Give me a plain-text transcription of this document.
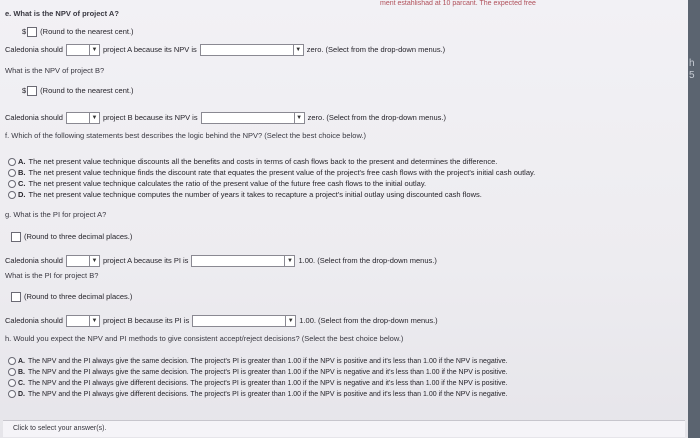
h
5
ment estahlishad at 10 parcant. The expected free
e. What is the NPV of project A?
$ (Round to the nearest cent.)
Caledonia should	▼ project A because its NPV is	▼ zero. (Select from the drop-down menus.)
What is the NPV of project B?
$ (Round to the nearest cent.)
Caledonia should	▼ project B because its NPV is	▼ zero. (Select from the drop-down menus.)
f. Which of the following statements best describes the logic behind the NPV? (Select the best choice below.)
A. The net present value technique discounts all the benefits and costs in terms of cash flows back to the present and determines the difference.
B. The net present value technique finds the discount rate that equates the present value of the project's free cash flows with the project's initial cash outlay.
C. The net present value technique calculates the ratio of the present value of the future free cash flows to the initial outlay.
D. The net present value technique computes the number of years it takes to recapture a project's initial outlay using discounted cash flows.
g. What is the PI for project A?
(Round to three decimal places.)
Caledonia should	▼ project A because its PI is	▼ 1.00. (Select from the drop-down menus.)
What is the PI for project B?
(Round to three decimal places.)
Caledonia should	▼ project B because its PI is	▼ 1.00. (Select from the drop-down menus.)
h. Would you expect the NPV and PI methods to give consistent accept/reject decisions? (Select the best choice below.)
A. The NPV and the PI always give the same decision. The project's PI is greater than 1.00 if the NPV is positive and it's less than 1.00 if the NPV is negative.
B. The NPV and the PI always give the same decision. The project's PI is greater than 1.00 if the NPV is negative and it's less than 1.00 if the NPV is positive.
C. The NPV and the PI always give different decisions. The project's PI is greater than 1.00 if the NPV is negative and it's less than 1.00 if the NPV is positive.
D. The NPV and the PI always give different decisions. The project's PI is greater than 1.00 if the NPV is positive and it's less than 1.00 if the NPV is negative.
Click to select your answer(s).
